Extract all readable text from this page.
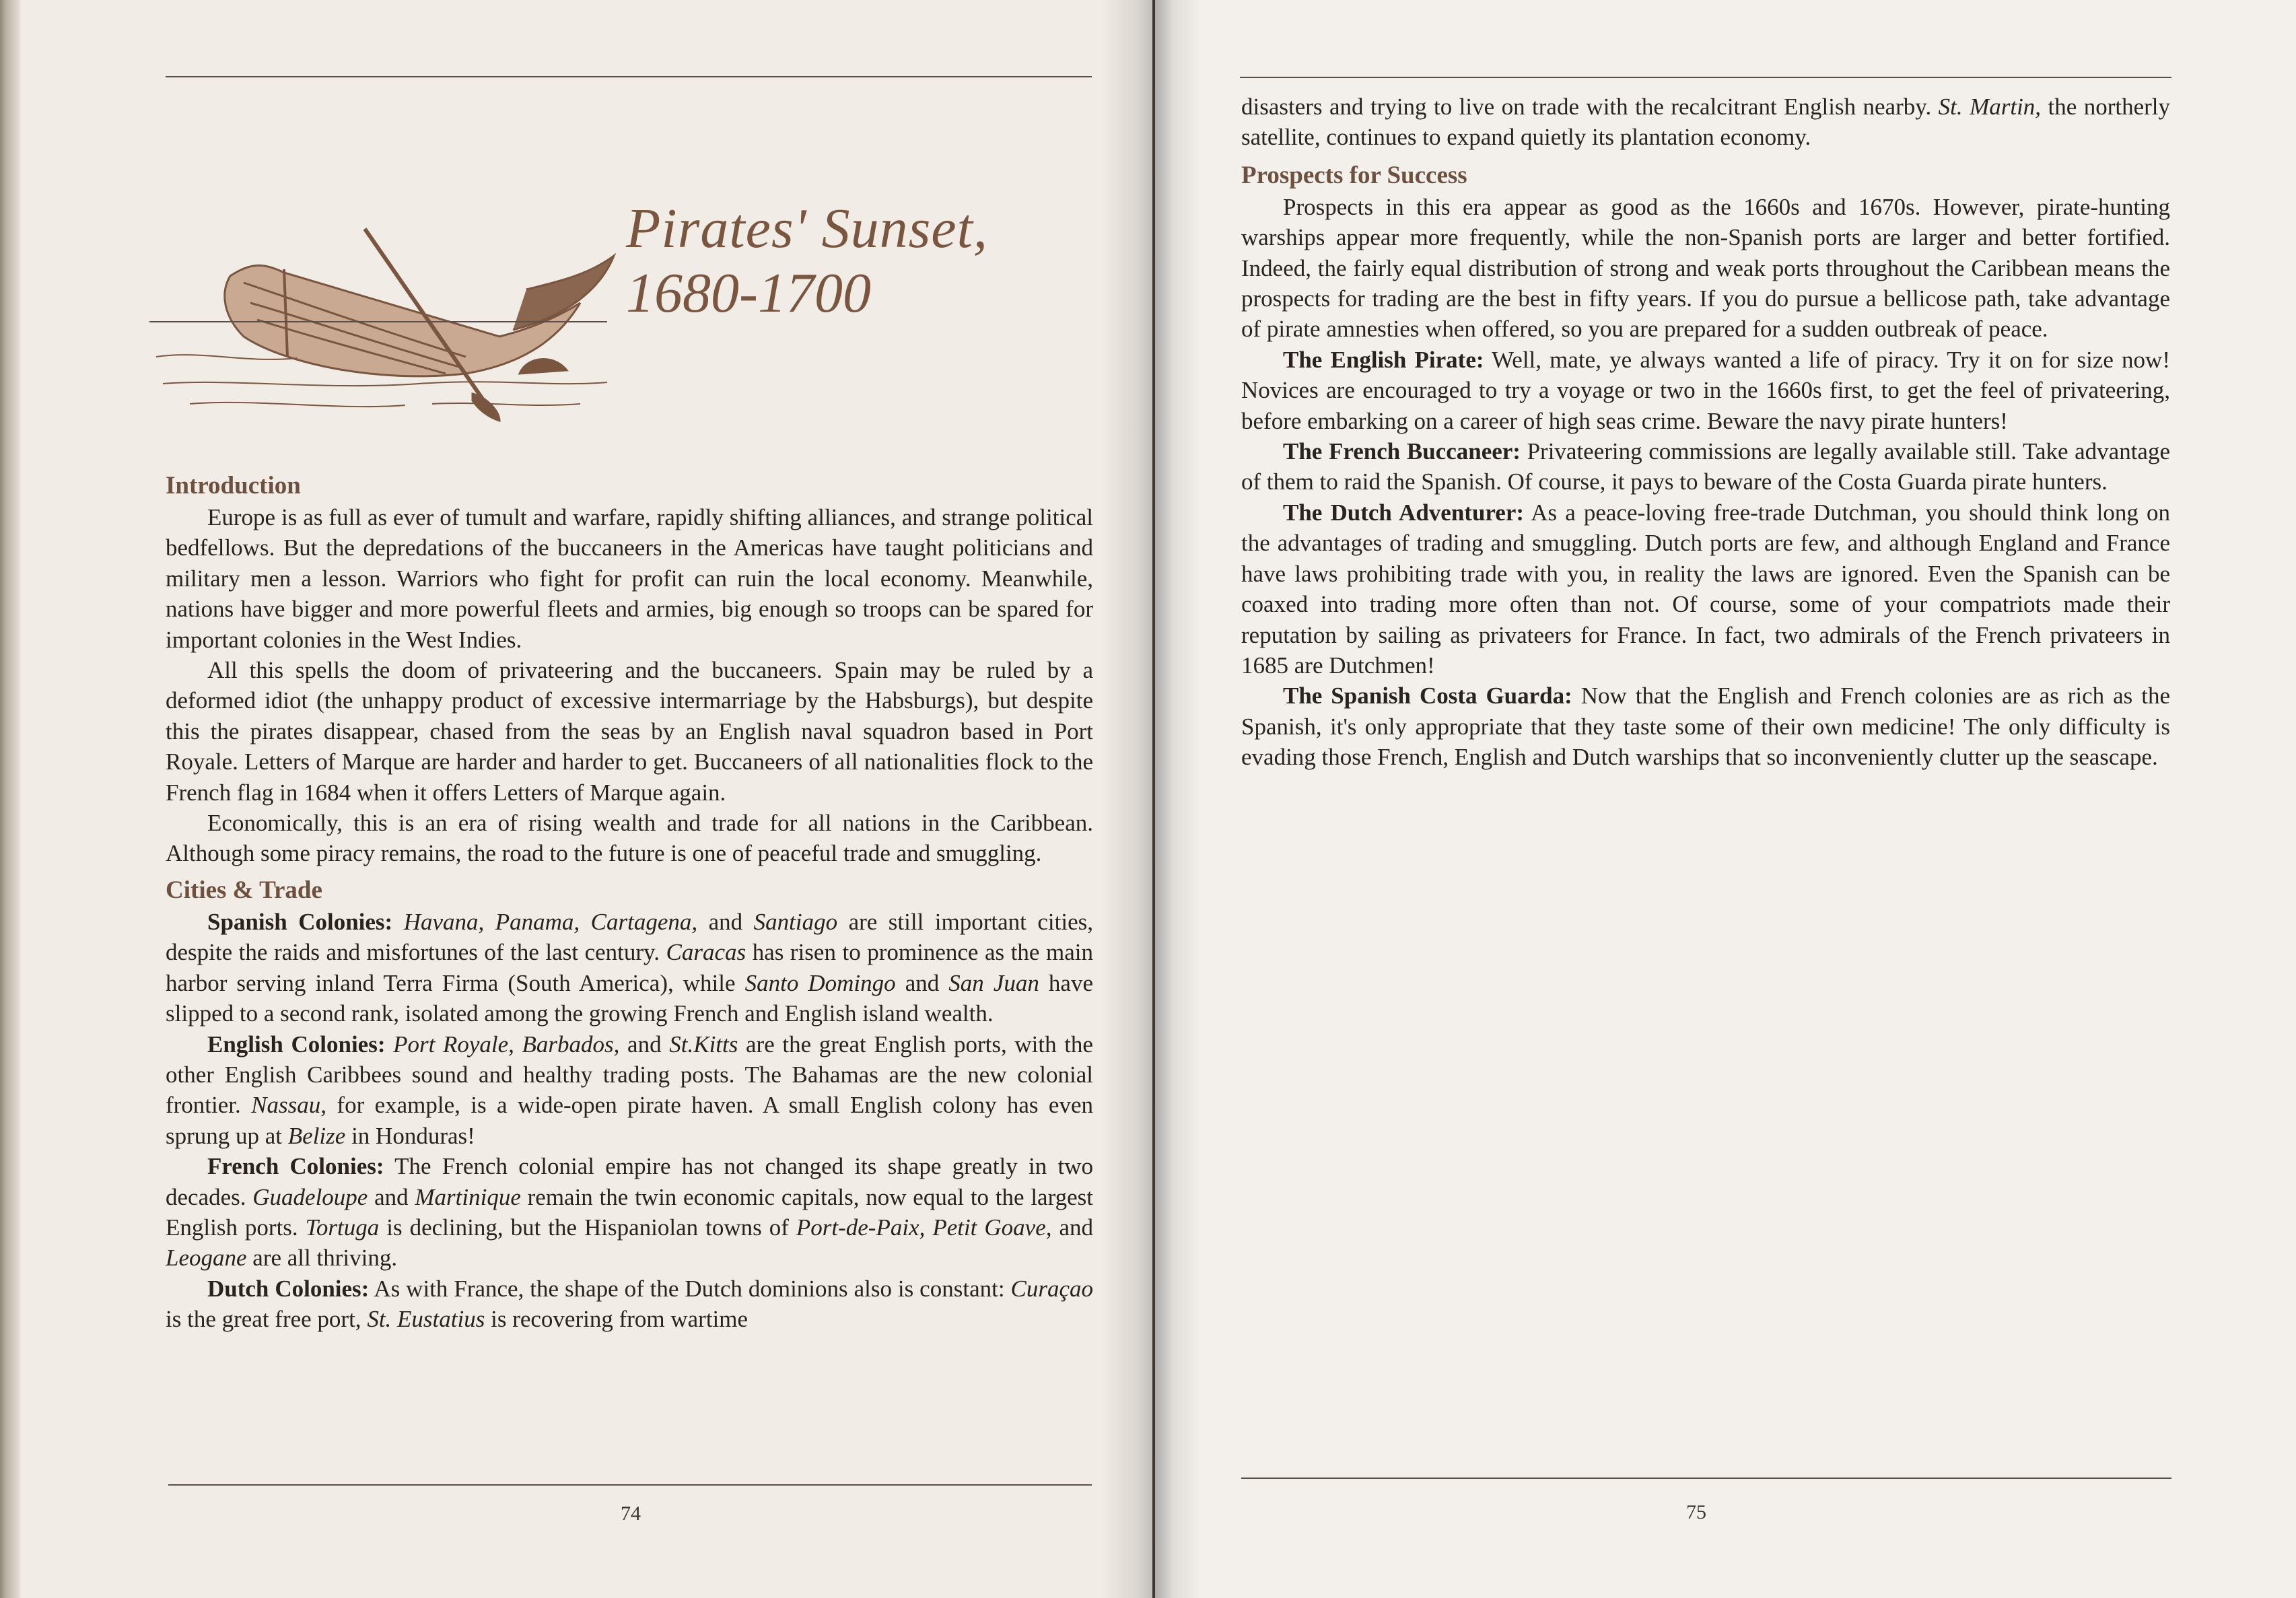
Pirates' Sunset,
1680-1700
Introduction

Europe is as full as ever of tumult and warfare, rapidly shifting alliances, and strange political bedfellows. But the depredations of the buccaneers in the Americas have taught politicians and military men a lesson. Warriors who fight for profit can ruin the local economy. Meanwhile, nations have bigger and more powerful fleets and armies, big enough so troops can be spared for important colonies in the West Indies.

All this spells the doom of privateering and the buccaneers. Spain may be ruled by a deformed idiot (the unhappy product of excessive intermarriage by the Habsburgs), but despite this the pirates disappear, chased from the seas by an English naval squadron based in Port Royale. Letters of Marque are harder and harder to get. Buccaneers of all nationalities flock to the French flag in 1684 when it offers Letters of Marque again.

Economically, this is an era of rising wealth and trade for all nations in the Caribbean. Although some piracy remains, the road to the future is one of peaceful trade and smuggling.

Cities & Trade

Spanish Colonies: Havana, Panama, Cartagena, and Santiago are still important cities, despite the raids and misfortunes of the last century. Caracas has risen to prominence as the main harbor serving inland Terra Firma (South America), while Santo Domingo and San Juan have slipped to a second rank, isolated among the growing French and English island wealth.

English Colonies: Port Royale, Barbados, and St.Kitts are the great English ports, with the other English Caribbees sound and healthy trading posts. The Bahamas are the new colonial frontier. Nassau, for example, is a wide-open pirate haven. A small English colony has even sprung up at Belize in Honduras!

French Colonies: The French colonial empire has not changed its shape greatly in two decades. Guadeloupe and Martinique remain the twin economic capitals, now equal to the largest English ports. Tortuga is declining, but the Hispaniolan towns of Port-de-Paix, Petit Goave, and Leogane are all thriving.

Dutch Colonies: As with France, the shape of the Dutch dominions also is constant: Curaçao is the great free port, St. Eustatius is recovering from wartime

74

disasters and trying to live on trade with the recalcitrant English nearby. St. Martin, the northerly satellite, continues to expand quietly its plantation economy.

Prospects for Success

Prospects in this era appear as good as the 1660s and 1670s. However, pirate-hunting warships appear more frequently, while the non-Spanish ports are larger and better fortified. Indeed, the fairly equal distribution of strong and weak ports throughout the Caribbean means the prospects for trading are the best in fifty years. If you do pursue a bellicose path, take advantage of pirate amnesties when offered, so you are prepared for a sudden outbreak of peace.

The English Pirate: Well, mate, ye always wanted a life of piracy. Try it on for size now! Novices are encouraged to try a voyage or two in the 1660s first, to get the feel of privateering, before embarking on a career of high seas crime. Beware the navy pirate hunters!

The French Buccaneer: Privateering commissions are legally available still. Take advantage of them to raid the Spanish. Of course, it pays to beware of the Costa Guarda pirate hunters.

The Dutch Adventurer: As a peace-loving free-trade Dutchman, you should think long on the advantages of trading and smuggling. Dutch ports are few, and although England and France have laws prohibiting trade with you, in reality the laws are ignored. Even the Spanish can be coaxed into trading more often than not. Of course, some of your compatriots made their reputation by sailing as privateers for France. In fact, two admirals of the French privateers in 1685 are Dutchmen!

The Spanish Costa Guarda: Now that the English and French colonies are as rich as the Spanish, it's only appropriate that they taste some of their own medicine! The only difficulty is evading those French, English and Dutch warships that so inconveniently clutter up the seascape.

75
